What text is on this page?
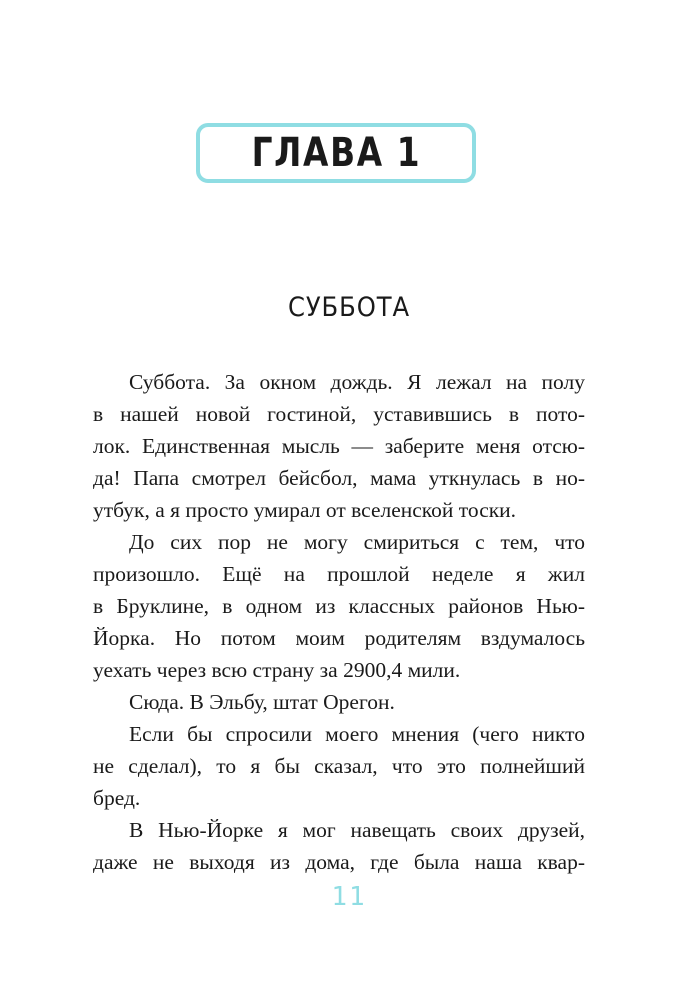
ГЛАВА 1
СУББОТА
Суббота. За окном дождь. Я лежал на полу
в нашей новой гостиной, уставившись в пото-
лок. Единственная мысль — заберите меня отсю-
да! Папа смотрел бейсбол, мама уткнулась в но-
утбук, а я просто умирал от вселенской тоски.
До сих пор не могу смириться с тем, что
произошло. Ещё на прошлой неделе я жил
в Бруклине, в одном из классных районов Нью-
Йорка. Но потом моим родителям вздумалось
уехать через всю страну за 2900,4 мили.
Сюда. В Эльбу, штат Орегон.
Если бы спросили моего мнения (чего никто
не сделал), то я бы сказал, что это полнейший
бред.
В Нью-Йорке я мог навещать своих друзей,
даже не выходя из дома, где была наша квар-
11
